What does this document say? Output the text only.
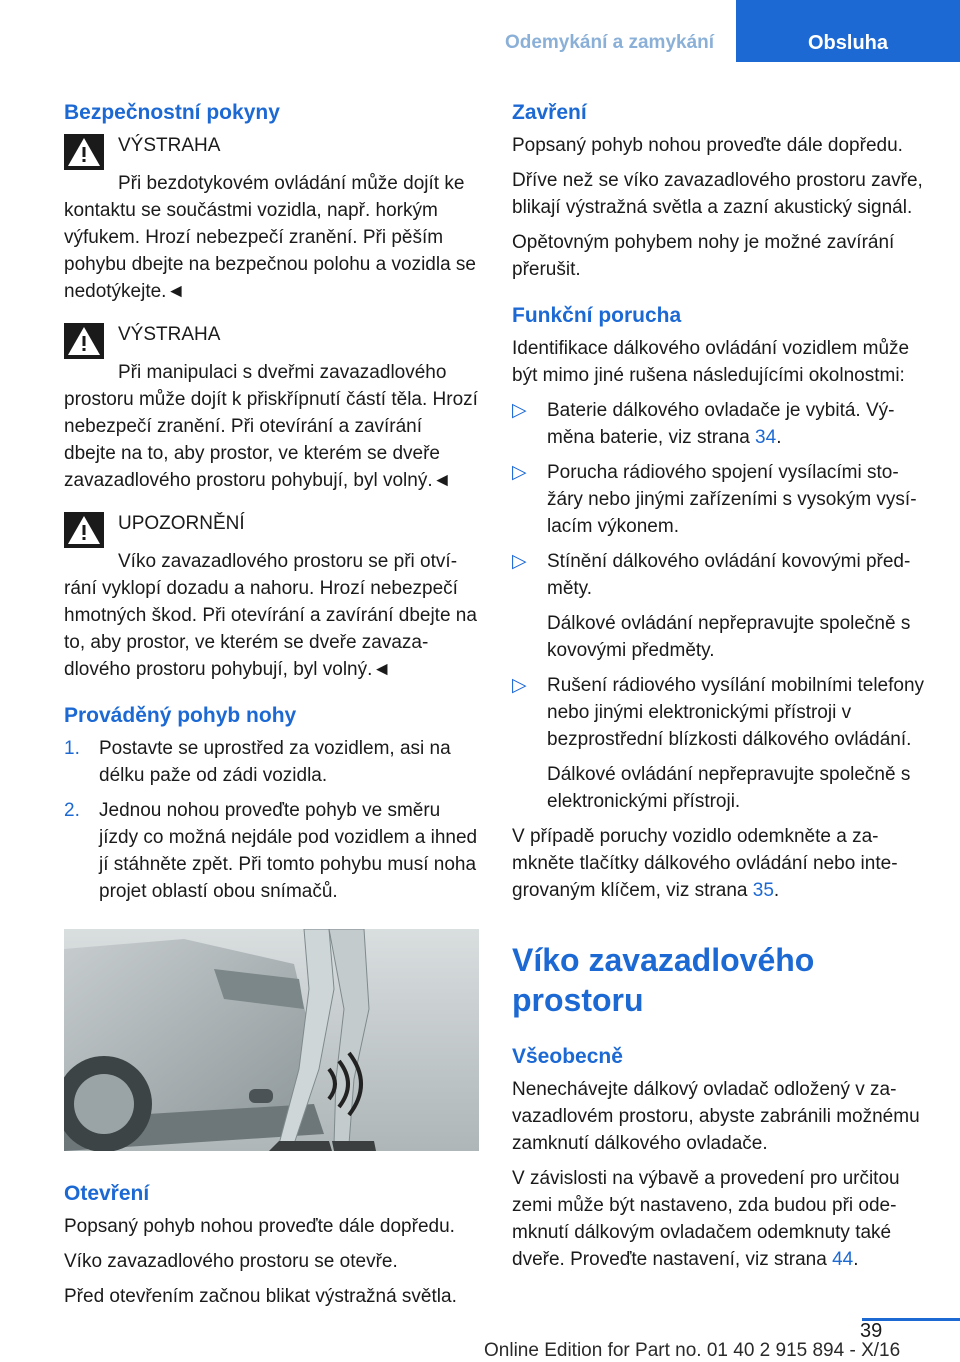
Odemykání a zamykání	Obsluha
Bezpečnostní pokyny
VÝSTRAHA
Při bezdotykovém ovládání může dojít ke kontaktu se součástmi vozidla, např. horkým výfukem. Hrozí nebezpečí zranění. Při pěším pohybu dbejte na bezpečnou polohu a vozidla se nedotýkejte.◄
VÝSTRAHA
Při manipulaci s dveřmi zavazadlového prostoru může dojít k přiskřípnutí částí těla. Hrozí nebezpečí zranění. Při otevírání a zavírání dbejte na to, aby prostor, ve kterém se dveře zavazadlového prostoru pohybují, byl volný.◄
UPOZORNĚNÍ
Víko zavazadlového prostoru se při otvírání vyklopí dozadu a nahoru. Hrozí nebezpečí hmotných škod. Při otevírání a zavírání dbejte na to, aby prostor, ve kterém se dveře zavazadlového prostoru pohybují, byl volný.◄
Prováděný pohyb nohy
1.	Postavte se uprostřed za vozidlem, asi na délku paže od zádi vozidla.
2.	Jednou nohou proveďte pohyb ve směru jízdy co možná nejdále pod vozidlem a ihned jí stáhněte zpět. Při tomto pohybu musí noha projet oblastí obou snímačů.
Otevření

Popsaný pohyb nohou proveďte dále dopředu.

Víko zavazadlového prostoru se otevře.

Před otevřením začnou blikat výstražná světla.

Zavření

Popsaný pohyb nohou proveďte dále dopředu.

Dříve než se víko zavazadlového prostoru zavře, blikají výstražná světla a zazní akustický signál.

Opětovným pohybem nohy je možné zavírání přerušit.

Funkční porucha

Identifikace dálkového ovládání vozidlem může být mimo jiné rušena následujícími okolnostmi:

▷	Baterie dálkového ovladače je vybitá. Výměna baterie, viz strana 34.
▷	Porucha rádiového spojení vysílacími stožáry nebo jinými zařízeními s vysokým vysílacím výkonem.
▷	Stínění dálkového ovládání kovovými předměty.
Dálkové ovládání nepřepravujte společně s kovovými předměty.
▷	Rušení rádiového vysílání mobilními telefony nebo jinými elektronickými přístroji v bezprostřední blízkosti dálkového ovládání.
Dálkové ovládání nepřepravujte společně s elektronickými přístroji.

V případě poruchy vozidlo odemkněte a zamkněte tlačítky dálkového ovládání nebo integrovaným klíčem, viz strana 35.

Víko zavazadlového prostoru
Všeobecně

Nenechávejte dálkový ovladač odložený v zavazadlovém prostoru, abyste zabránili možnému zamknutí dálkového ovladače.

V závislosti na výbavě a provedení pro určitou zemi může být nastaveno, zda budou při odemknutí dálkovým ovladačem odemknuty také dveře. Proveďte nastavení, viz strana 44.

39
Online Edition for Part no. 01 40 2 915 894 - X/16
